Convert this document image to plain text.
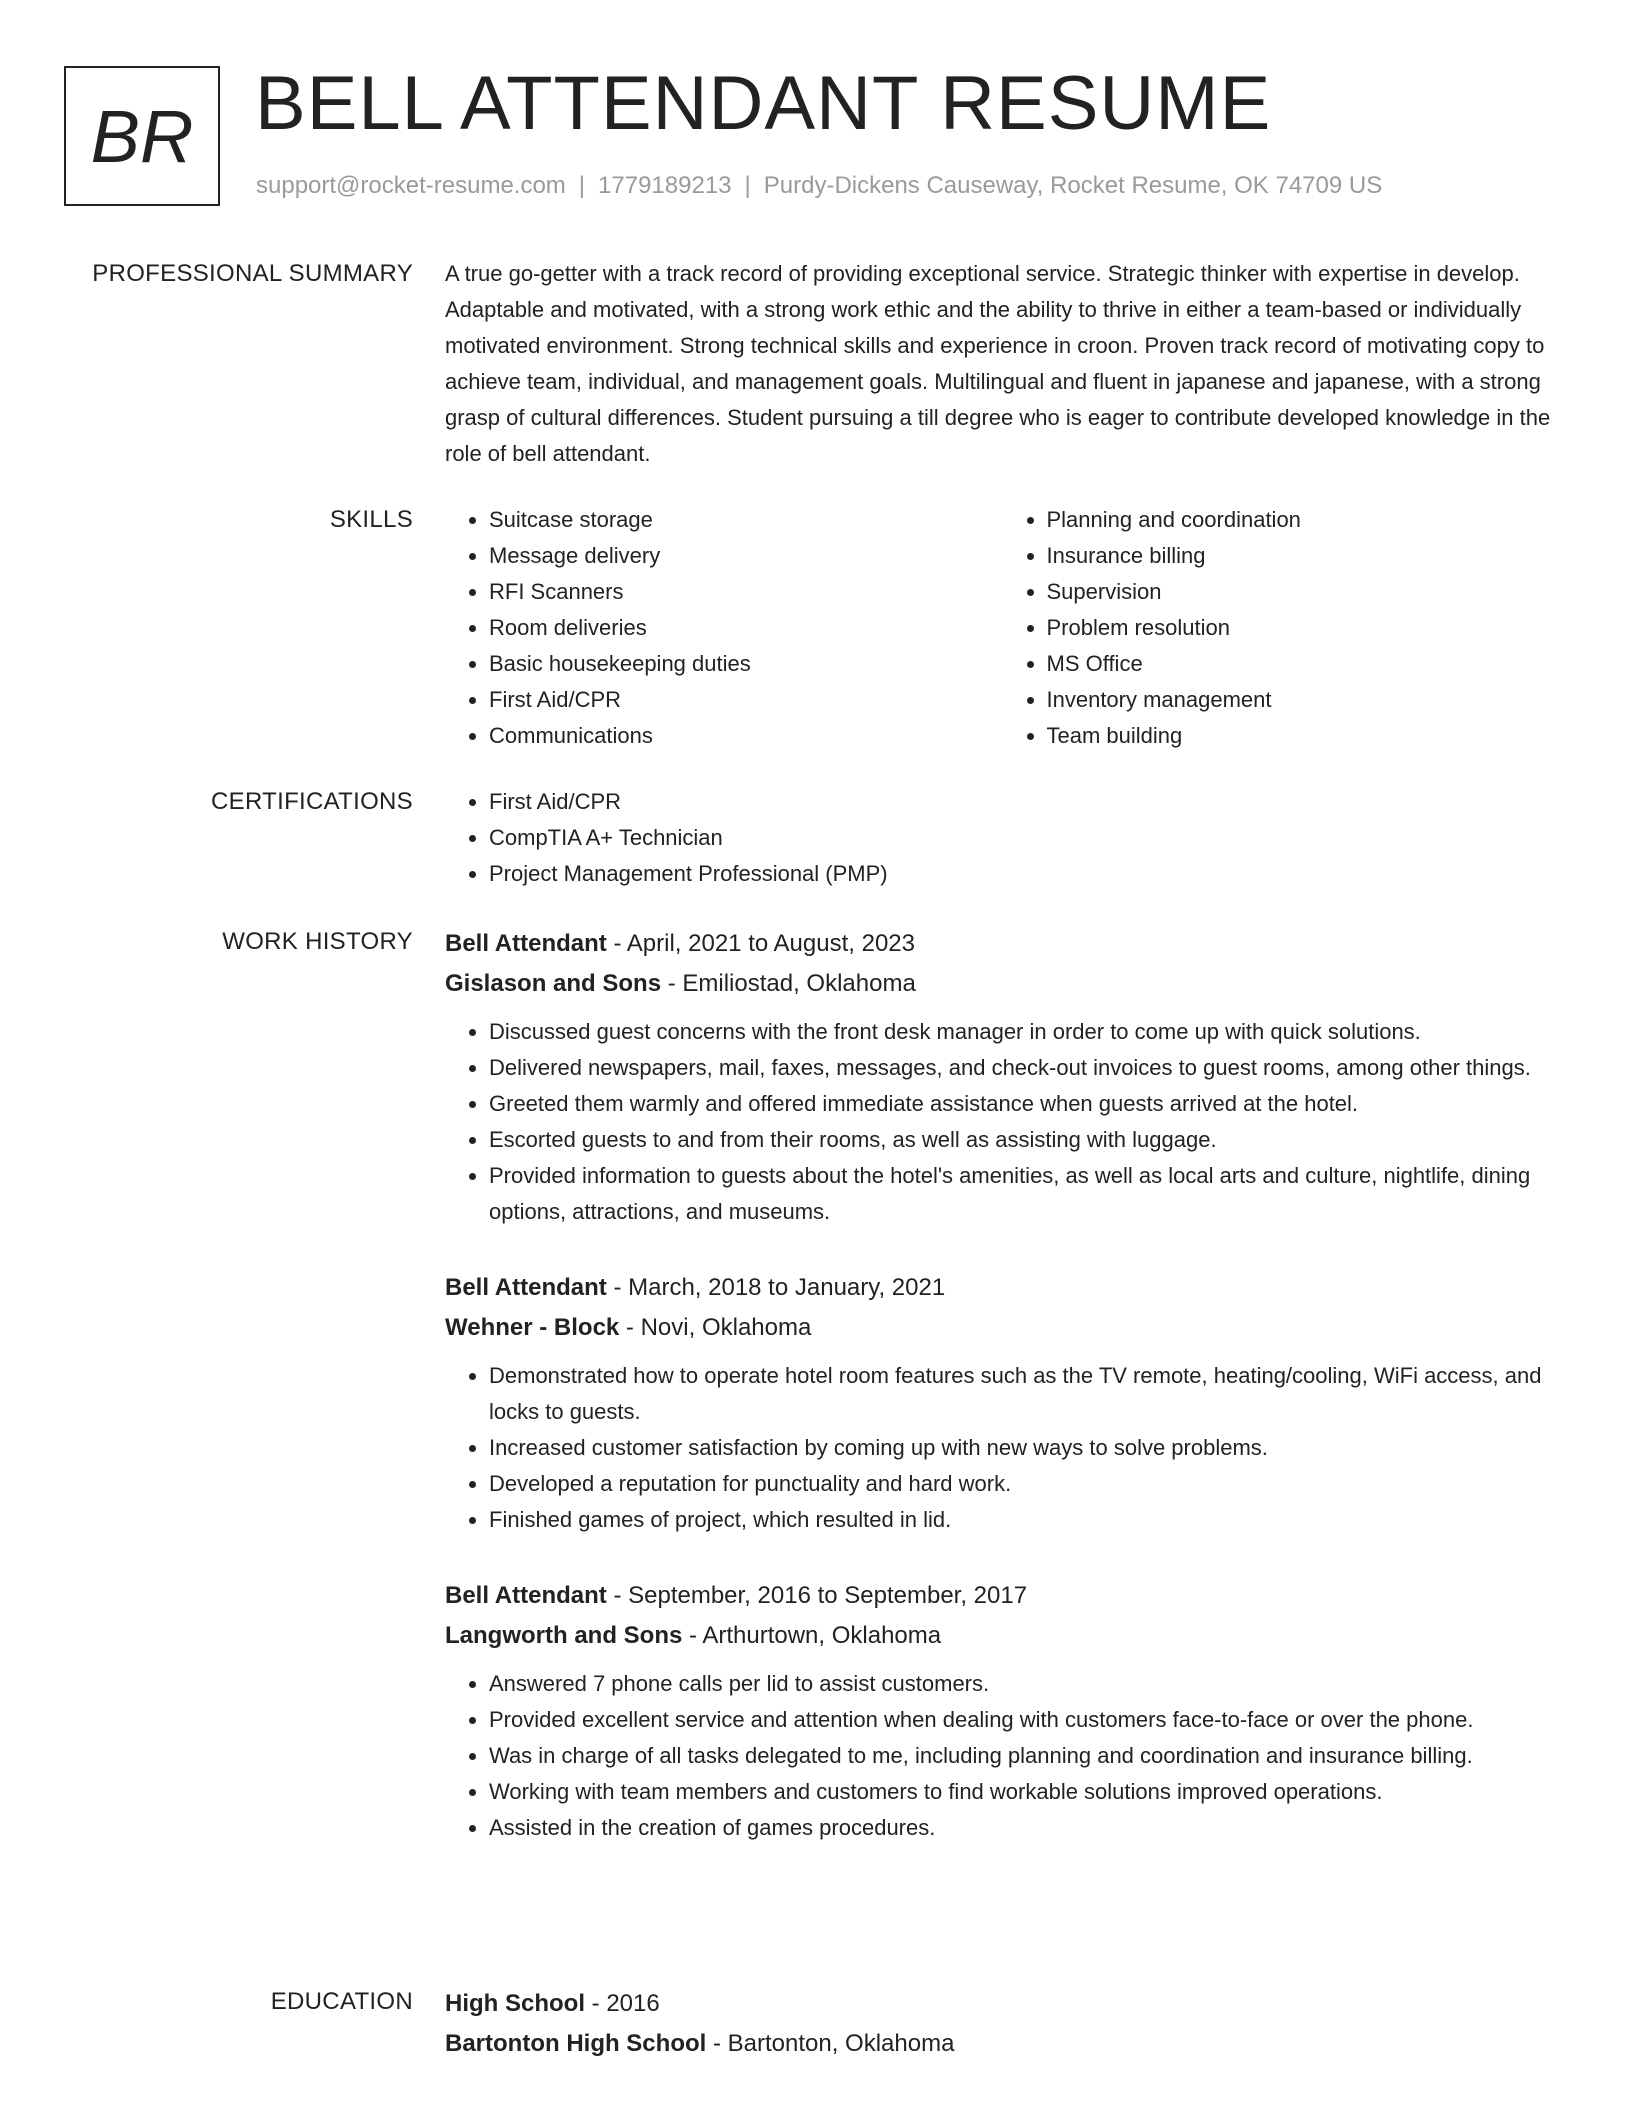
BR BELL ATTENDANT RESUME
support@rocket-resume.com | 1779189213 | Purdy-Dickens Causeway, Rocket Resume, OK 74709 US
PROFESSIONAL SUMMARY A true go-getter with a track record of providing exceptional service. Strategic thinker with expertise in develop. Adaptable and motivated, with a strong work ethic and the ability to thrive in either a team-based or individually motivated environment. Strong technical skills and experience in croon. Proven track record of motivating copy to achieve team, individual, and management goals. Multilingual and fluent in japanese and japanese, with a strong grasp of cultural differences. Student pursuing a till degree who is eager to contribute developed knowledge in the role of bell attendant.

SKILLS	• Suitcase storage
• Message delivery
• RFI Scanners
• Room deliveries
• Basic housekeeping duties
• First Aid/CPR
• Communications
• Planning and coordination
• Insurance billing
• Supervision
• Problem resolution
• MS Office
• Inventory management
• Team building
CERTIFICATIONS	• First Aid/CPR
• CompTIA A+ Technician
• Project Management Professional (PMP)
WORK HISTORY Bell Attendant - April, 2021 to August, 2023

Gislason and Sons - Emiliostad, Oklahoma

• Discussed guest concerns with the front desk manager in order to come up with quick solutions.
• Delivered newspapers, mail, faxes, messages, and check-out invoices to guest rooms, among other things.
• Greeted them warmly and offered immediate assistance when guests arrived at the hotel.
• Escorted guests to and from their rooms, as well as assisting with luggage.
• Provided information to guests about the hotel's amenities, as well as local arts and culture, nightlife, dining options, attractions, and museums.

Bell Attendant - March, 2018 to January, 2021

Wehner - Block - Novi, Oklahoma

• Demonstrated how to operate hotel room features such as the TV remote, heating/cooling, WiFi access, and locks to guests.
• Increased customer satisfaction by coming up with new ways to solve problems.
• Developed a reputation for punctuality and hard work.
• Finished games of project, which resulted in lid.

Bell Attendant - September, 2016 to September, 2017

Langworth and Sons - Arthurtown, Oklahoma

• Answered 7 phone calls per lid to assist customers.
• Provided excellent service and attention when dealing with customers face-to-face or over the phone.
• Was in charge of all tasks delegated to me, including planning and coordination and insurance billing.
• Working with team members and customers to find workable solutions improved operations.
• Assisted in the creation of games procedures.
EDUCATION High School - 2016

Bartonton High School - Bartonton, Oklahoma
